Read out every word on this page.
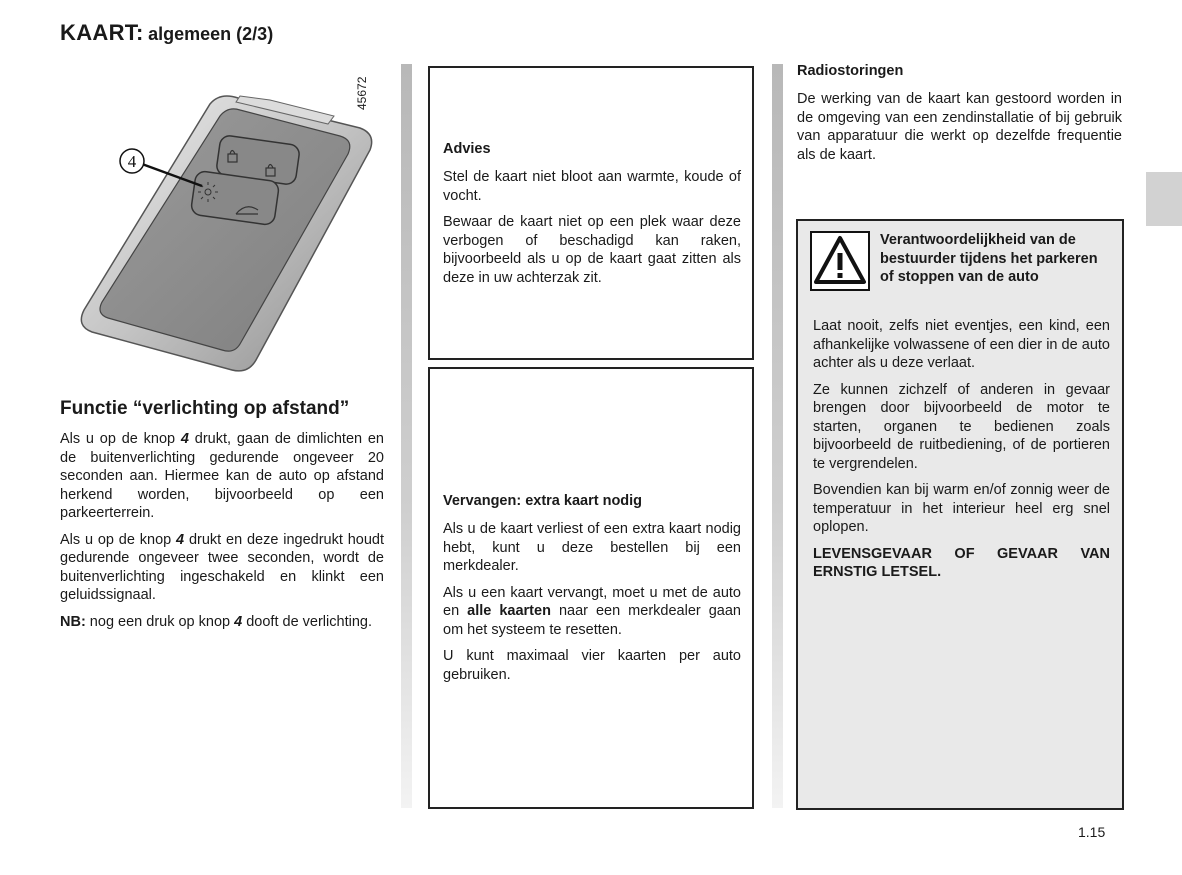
KAART: algemeen (2/3)
4
45672
Functie “verlichting op afstand”

Als u op de knop 4 drukt, gaan de dimlichten en de buitenverlichting gedurende ongeveer 20 seconden aan. Hiermee kan de auto op afstand herkend worden, bijvoorbeeld op een parkeerterrein.

Als u op de knop 4 drukt en deze ingedrukt houdt gedurende ongeveer twee seconden, wordt de buitenverlichting ingeschakeld en klinkt een geluidssignaal.

NB: nog een druk op knop 4 dooft de verlichting.

Advies

Stel de kaart niet bloot aan warmte, koude of vocht.

Bewaar de kaart niet op een plek waar deze verbogen of beschadigd kan raken, bijvoorbeeld als u op de kaart gaat zitten als deze in uw achterzak zit.

Vervangen: extra kaart nodig

Als u de kaart verliest of een extra kaart nodig hebt, kunt u deze bestellen bij een merkdealer.

Als u een kaart vervangt, moet u met de auto en alle kaarten naar een merkdealer gaan om het systeem te resetten.

U kunt maximaal vier kaarten per auto gebruiken.

Radiostoringen

De werking van de kaart kan gestoord worden in de omgeving van een zendinstallatie of bij gebruik van apparatuur die werkt op dezelfde frequentie als de kaart.

Verantwoordelijkheid van de bestuurder tijdens het parkeren of stoppen van de auto

Laat nooit, zelfs niet eventjes, een kind, een afhankelijke volwassene of een dier in de auto achter als u deze verlaat.

Ze kunnen zichzelf of anderen in gevaar brengen door bijvoorbeeld de motor te starten, organen te bedienen zoals bijvoorbeeld de ruitbediening, of de portieren te vergrendelen.

Bovendien kan bij warm en/of zonnig weer de temperatuur in het interieur heel erg snel oplopen.

LEVENSGEVAAR OF GEVAAR VAN ERNSTIG LETSEL.

1.15
